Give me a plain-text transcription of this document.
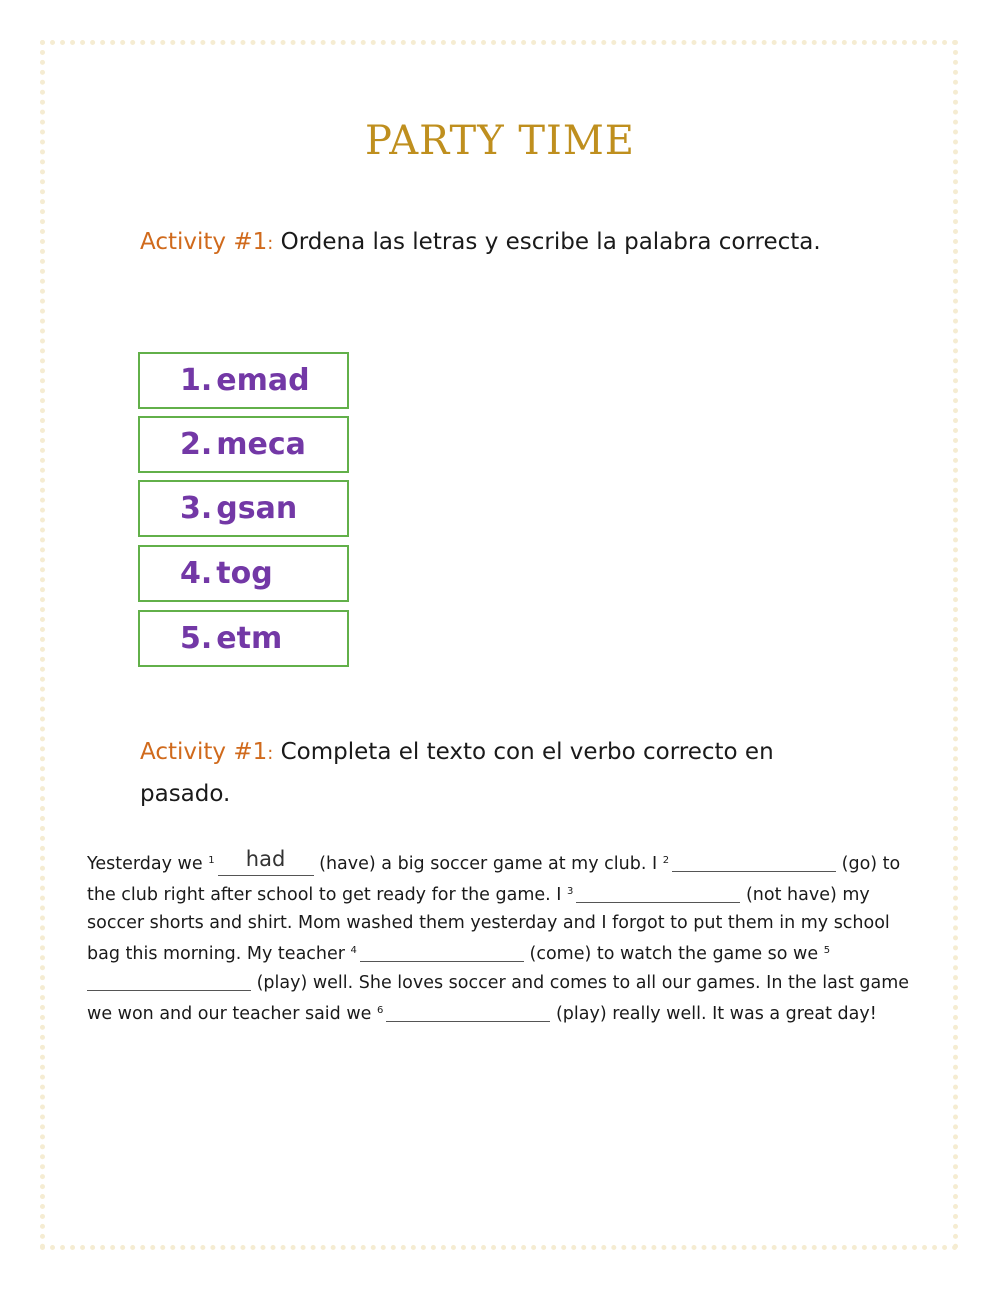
PARTY TIME

Activity #1: Ordena las letras y escribe la palabra correcta.

1. emad
2. meca
3. gsan
4. tog
5. etm

Activity #1: Completa el texto con el verbo correcto en pasado.

Yesterday we $^1$ had (have) a big soccer game at my club. I $^2$	(go) to the club right after school to get ready for the game. I $^3$	(not have) my soccer shorts and shirt. Mom washed them yesterday and I forgot to put them in my school bag this morning. My teacher $^4$	(come) to watch the game so we $^5$ (play) well. She loves soccer and comes to all our games. In the last game we won and our teacher said we $^6$	(play) really well. It was a great day!
